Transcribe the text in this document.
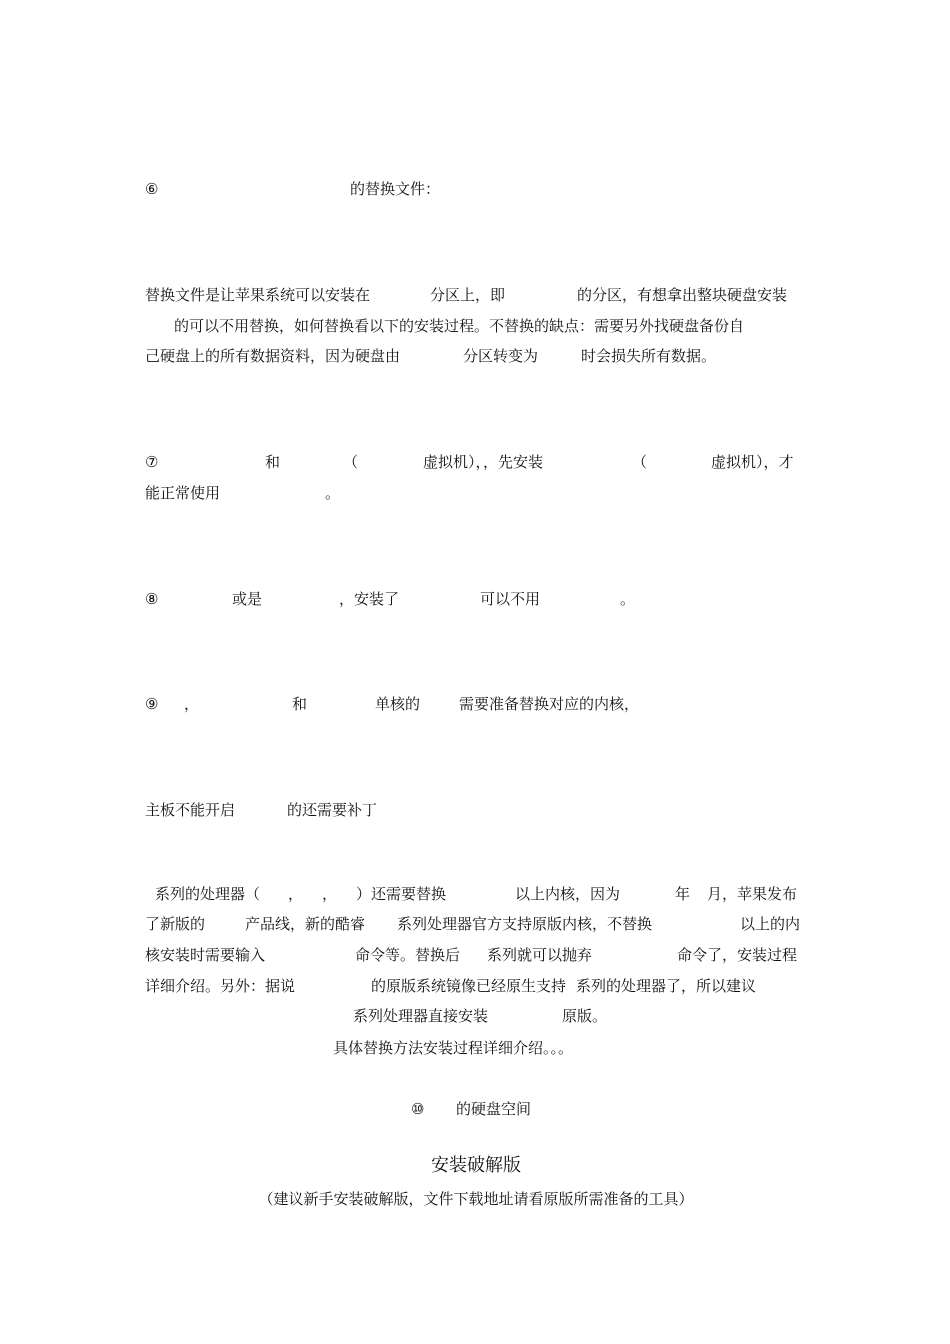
⑥	的替换文件：
替换文件是让苹果系统可以安装在	分区上，即	的分区，有想拿出整块硬盘安装
的可以不用替换，如何替换看以下的安装过程。不替换的缺点：需要另外找硬盘备份自
己硬盘上的所有数据资料，因为硬盘由	分区转变为	时会损失所有数据。
⑦	和	（	虚拟机），，先安装	（	虚拟机），才
能正常使用	。
⑧	或是	，安装了	可以不用	。
⑨ ，	和	单核的	需要准备替换对应的内核，
主板不能开启	的还需要补丁
系列的处理器（ ， ， ）还需要替换	以上内核，因为	年 月，苹果发布
了新版的	产品线，新的酷睿 系列处理器官方支持原版内核，不替换	以上的内
核安装时需要输入	命令等。替换后 系列就可以抛弃	命令了，安装过程
详细介绍。另外：据说	的原版系统镜像已经原生支持 系列的处理器了，所以建议
系列处理器直接安装	原版。
具体替换方法安装过程详细介绍。。。
⑩ 的硬盘空间
安装破解版
（建议新手安装破解版，文件下载地址请看原版所需准备的工具）
